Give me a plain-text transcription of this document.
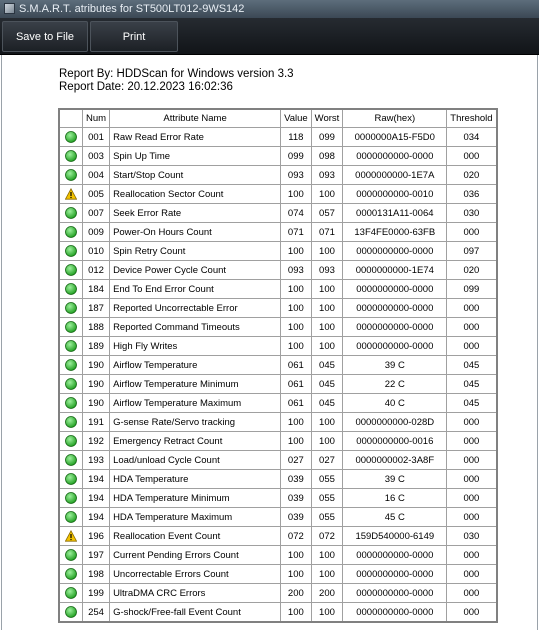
S.M.A.R.T. atributes for ST500LT012-9WS142
Save to File	Print
Report By: HDDScan for Windows version 3.3
Report Date: 20.12.2023 16:02:36
	Num	Attribute Name	Value	Worst	Raw(hex)	Threshold
	001	Raw Read Error Rate	118	099	0000000A15-F5D0	034
	003	Spin Up Time	099	098	0000000000-0000	000
	004	Start/Stop Count	093	093	0000000000-1E7A	020
	005	Reallocation Sector Count	100	100	0000000000-0010	036
	007	Seek Error Rate	074	057	0000131A11-0064	030
	009	Power-On Hours Count	071	071	13F4FE0000-63FB	000
	010	Spin Retry Count	100	100	0000000000-0000	097
	012	Device Power Cycle Count	093	093	0000000000-1E74	020
	184	End To End Error Count	100	100	0000000000-0000	099
	187	Reported Uncorrectable Error	100	100	0000000000-0000	000
	188	Reported Command Timeouts	100	100	0000000000-0000	000
	189	High Fly Writes	100	100	0000000000-0000	000
	190	Airflow Temperature	061	045	39 C	045
	190	Airflow Temperature Minimum	061	045	22 C	045
	190	Airflow Temperature Maximum	061	045	40 C	045
	191	G-sense Rate/Servo tracking	100	100	0000000000-028D	000
	192	Emergency Retract Count	100	100	0000000000-0016	000
	193	Load/unload Cycle Count	027	027	0000000002-3A8F	000
	194	HDA Temperature	039	055	39 C	000
	194	HDA Temperature Minimum	039	055	16 C	000
	194	HDA Temperature Maximum	039	055	45 C	000
	196	Reallocation Event Count	072	072	159D540000-6149	030
	197	Current Pending Errors Count	100	100	0000000000-0000	000
	198	Uncorrectable Errors Count	100	100	0000000000-0000	000
	199	UltraDMA CRC Errors	200	200	0000000000-0000	000
	254	G-shock/Free-fall Event Count	100	100	0000000000-0000	000
